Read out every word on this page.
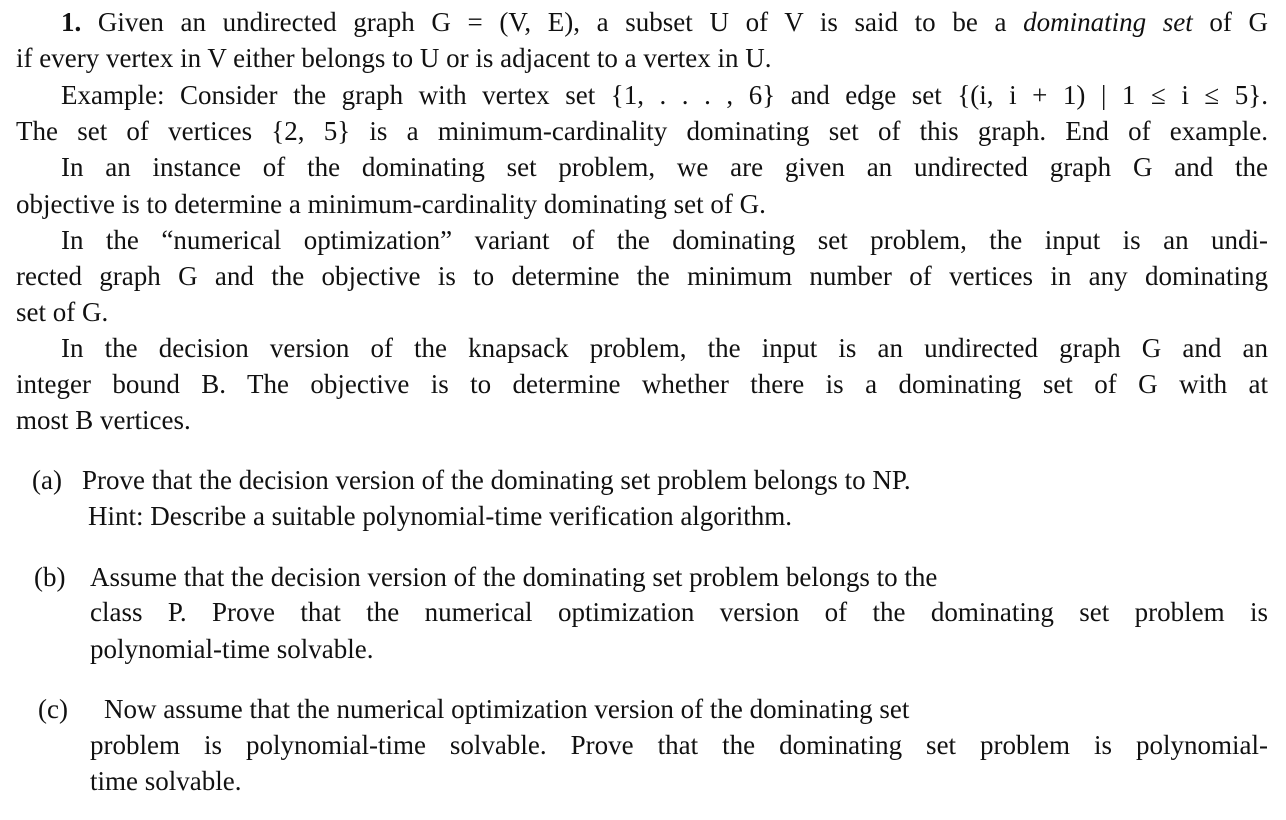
1. Given an undirected graph G = (V, E), a subset U of V is said to be a dominating set of G
if every vertex in V either belongs to U or is adjacent to a vertex in U.
Example: Consider the graph with vertex set {1, . . . , 6} and edge set {(i, i + 1) | 1 ≤ i ≤ 5}.
The set of vertices {2, 5} is a minimum-cardinality dominating set of this graph. End of example.
In an instance of the dominating set problem, we are given an undirected graph G and the
objective is to determine a minimum-cardinality dominating set of G.
In the “numerical optimization” variant of the dominating set problem, the input is an undi-
rected graph G and the objective is to determine the minimum number of vertices in any dominating
set of G.
In the decision version of the knapsack problem, the input is an undirected graph G and an
integer bound B. The objective is to determine whether there is a dominating set of G with at
most B vertices.
(a) Prove that the decision version of the dominating set problem belongs to NP.
Hint: Describe a suitable polynomial-time verification algorithm.
(b) Assume that the decision version of the dominating set problem belongs to the
class P. Prove that the numerical optimization version of the dominating set problem is
polynomial-time solvable.
(c) Now assume that the numerical optimization version of the dominating set
problem is polynomial-time solvable. Prove that the dominating set problem is polynomial-
time solvable.
